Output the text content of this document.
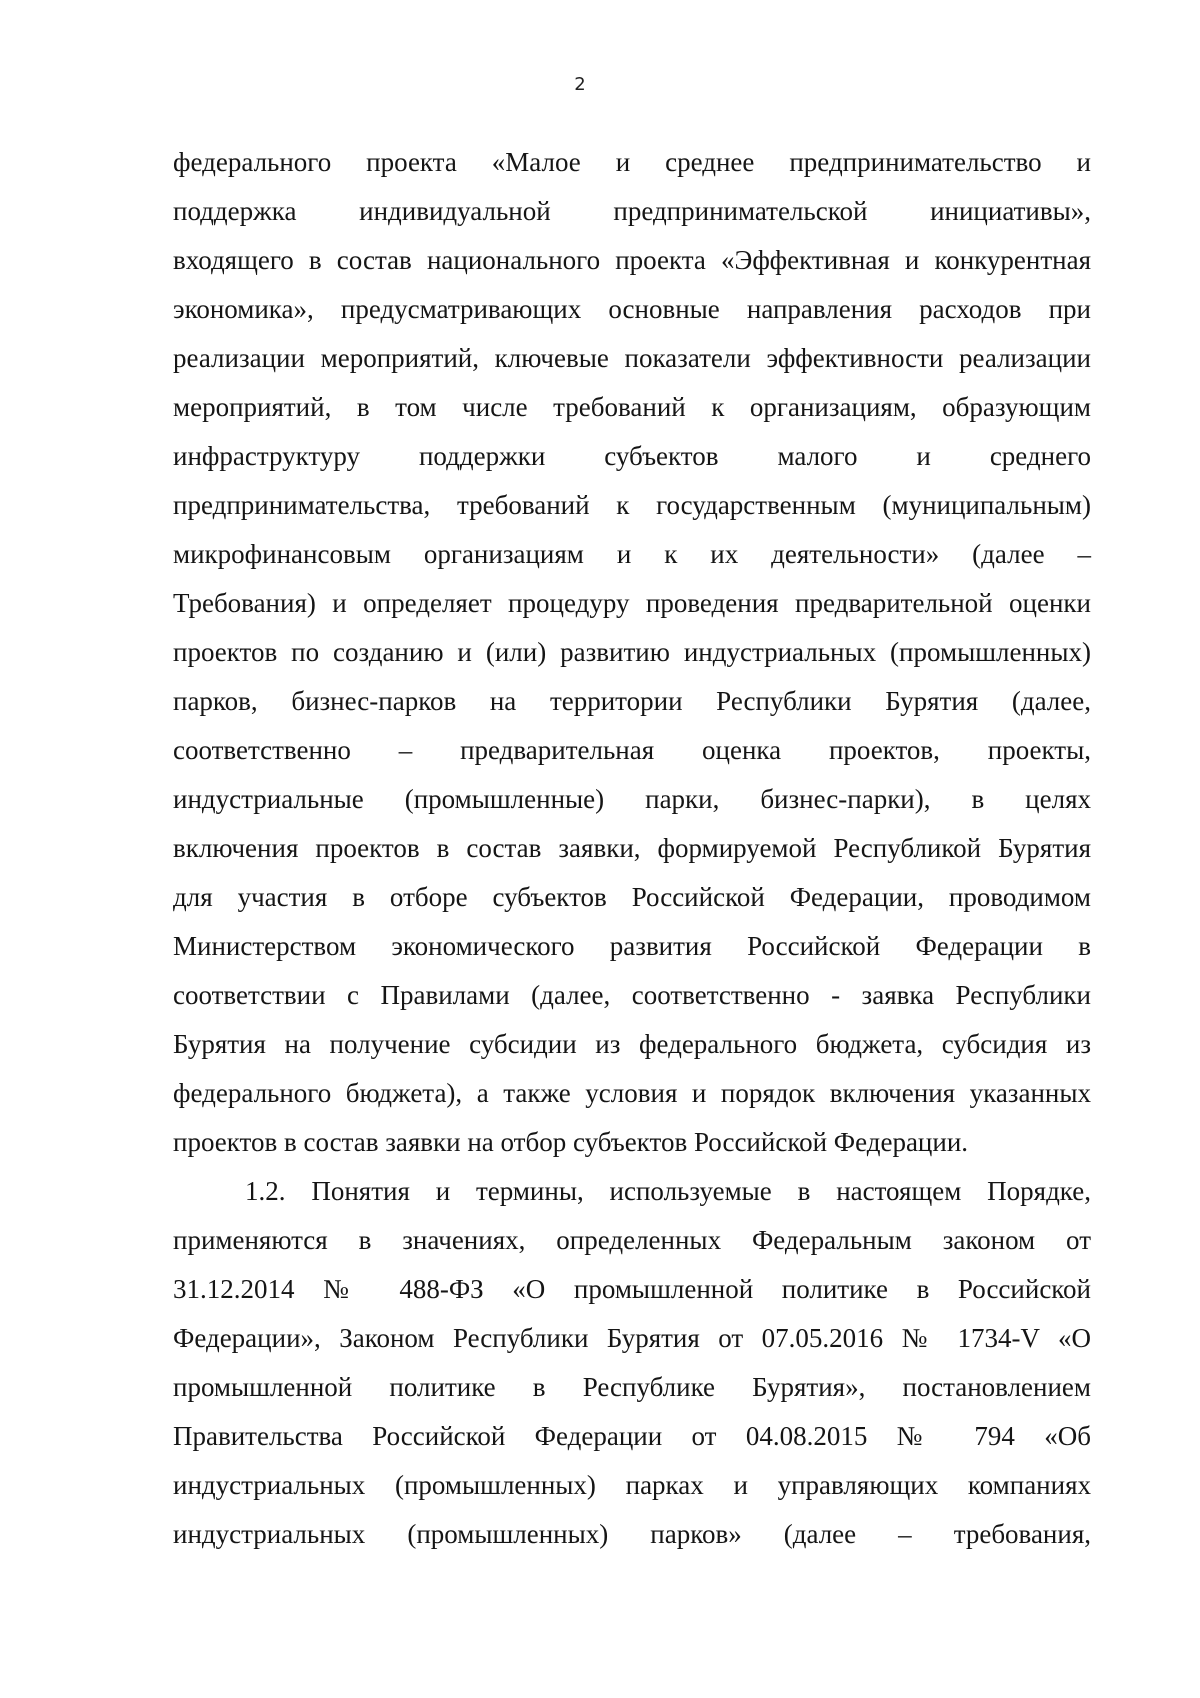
2
федерального проекта «Малое и среднее предпринимательство и
поддержка индивидуальной предпринимательской инициативы»,
входящего в состав национального проекта «Эффективная и конкурентная
экономика», предусматривающих основные направления расходов при
реализации мероприятий, ключевые показатели эффективности реализации
мероприятий, в том числе требований к организациям, образующим
инфраструктуру поддержки субъектов малого и среднего
предпринимательства, требований к государственным (муниципальным)
микрофинансовым организациям и к их деятельности» (далее –
Требования) и определяет процедуру проведения предварительной оценки
проектов по созданию и (или) развитию индустриальных (промышленных)
парков, бизнес-парков на территории Республики Бурятия (далее,
соответственно – предварительная оценка проектов, проекты,
индустриальные (промышленные) парки, бизнес-парки), в целях
включения проектов в состав заявки, формируемой Республикой Бурятия
для участия в отборе субъектов Российской Федерации, проводимом
Министерством экономического развития Российской Федерации в
соответствии с Правилами (далее, соответственно - заявка Республики
Бурятия на получение субсидии из федерального бюджета, субсидия из
федерального бюджета), а также условия и порядок включения указанных
проектов в состав заявки на отбор субъектов Российской Федерации.
1.2. Понятия и термины, используемые в настоящем Порядке,
применяются в значениях, определенных Федеральным законом от
31.12.2014 № 488-ФЗ «О промышленной политике в Российской
Федерации», Законом Республики Бурятия от 07.05.2016 № 1734-V «О
промышленной политике в Республике Бурятия», постановлением
Правительства Российской Федерации от 04.08.2015 № 794 «Об
индустриальных (промышленных) парках и управляющих компаниях
индустриальных (промышленных) парков» (далее – требования,
